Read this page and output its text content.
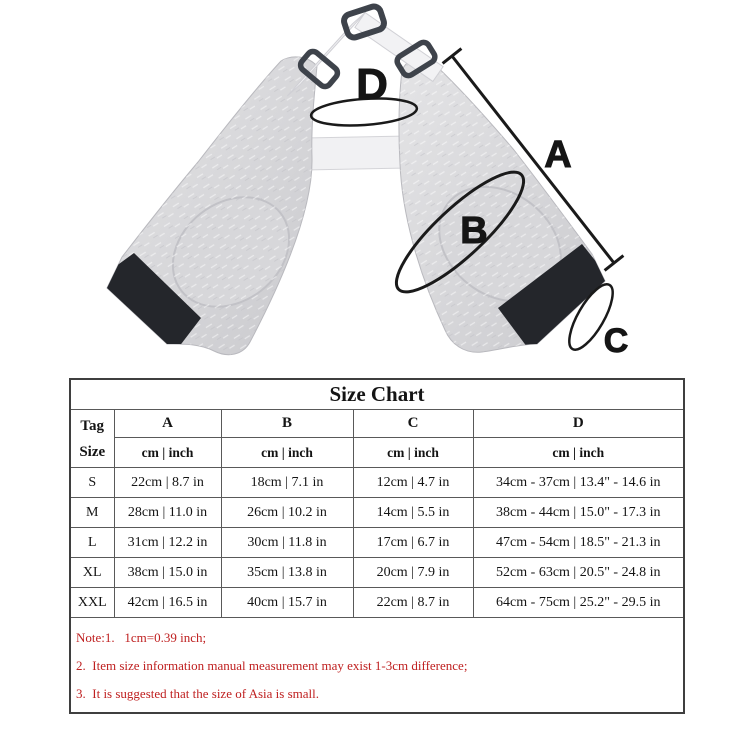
D
A
B
C
Size Chart				

Tag
Size	A	B	C	D
	cm | inch	cm | inch	cm | inch	cm | inch
S	22cm | 8.7 in	18cm | 7.1 in	12cm | 4.7 in	34cm - 37cm | 13.4" - 14.6 in
M	28cm | 11.0 in	26cm | 10.2 in	14cm | 5.5 in	38cm - 44cm | 15.0" - 17.3 in
L	31cm | 12.2 in	30cm | 11.8 in	17cm | 6.7 in	47cm - 54cm | 18.5" - 21.3 in
XL	38cm | 15.0 in	35cm | 13.8 in	20cm | 7.9 in	52cm - 63cm | 20.5" - 24.8 in
XXL	42cm | 16.5 in	40cm | 15.7 in	22cm | 8.7 in	64cm - 75cm | 25.2" - 29.5 in

Note:1.   1cm=0.39 inch;
2.  Item size information manual measurement may exist 1-3cm difference;
3.  It is suggested that the size of Asia is small.				
